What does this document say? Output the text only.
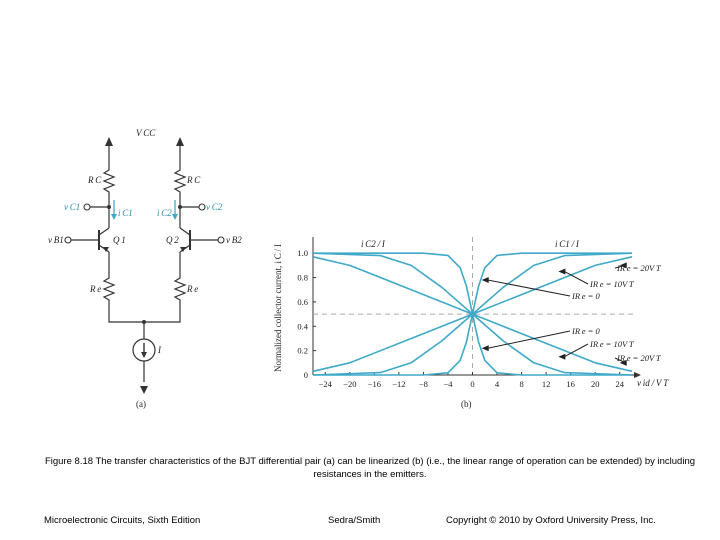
V CC
R C	R C
v C1	v C2
i C1	i C2
v B1	v B2
Q 1	Q 2
R e	R e
I
(a)
−24 −20 −16 −12 −8 −4 0 4 8 12 16 20 24
0
0.2
0.4
0.6
0.8
1.0
Normalized collector current, i C / I
v id / V T
i C2 / I	i C1 / I
(b)
IR e = 20V T
IR e = 10V T
IR e = 0
IR e = 0
IR e = 10V T
IR e = 20V T
Figure 8.18 The transfer characteristics of the BJT differential pair (a) can be linearized (b) (i.e., the linear range of operation can be extended) by including resistances in the emitters.
Microelectronic Circuits, Sixth Edition	Sedra/Smith	Copyright © 2010 by Oxford University Press, Inc.
